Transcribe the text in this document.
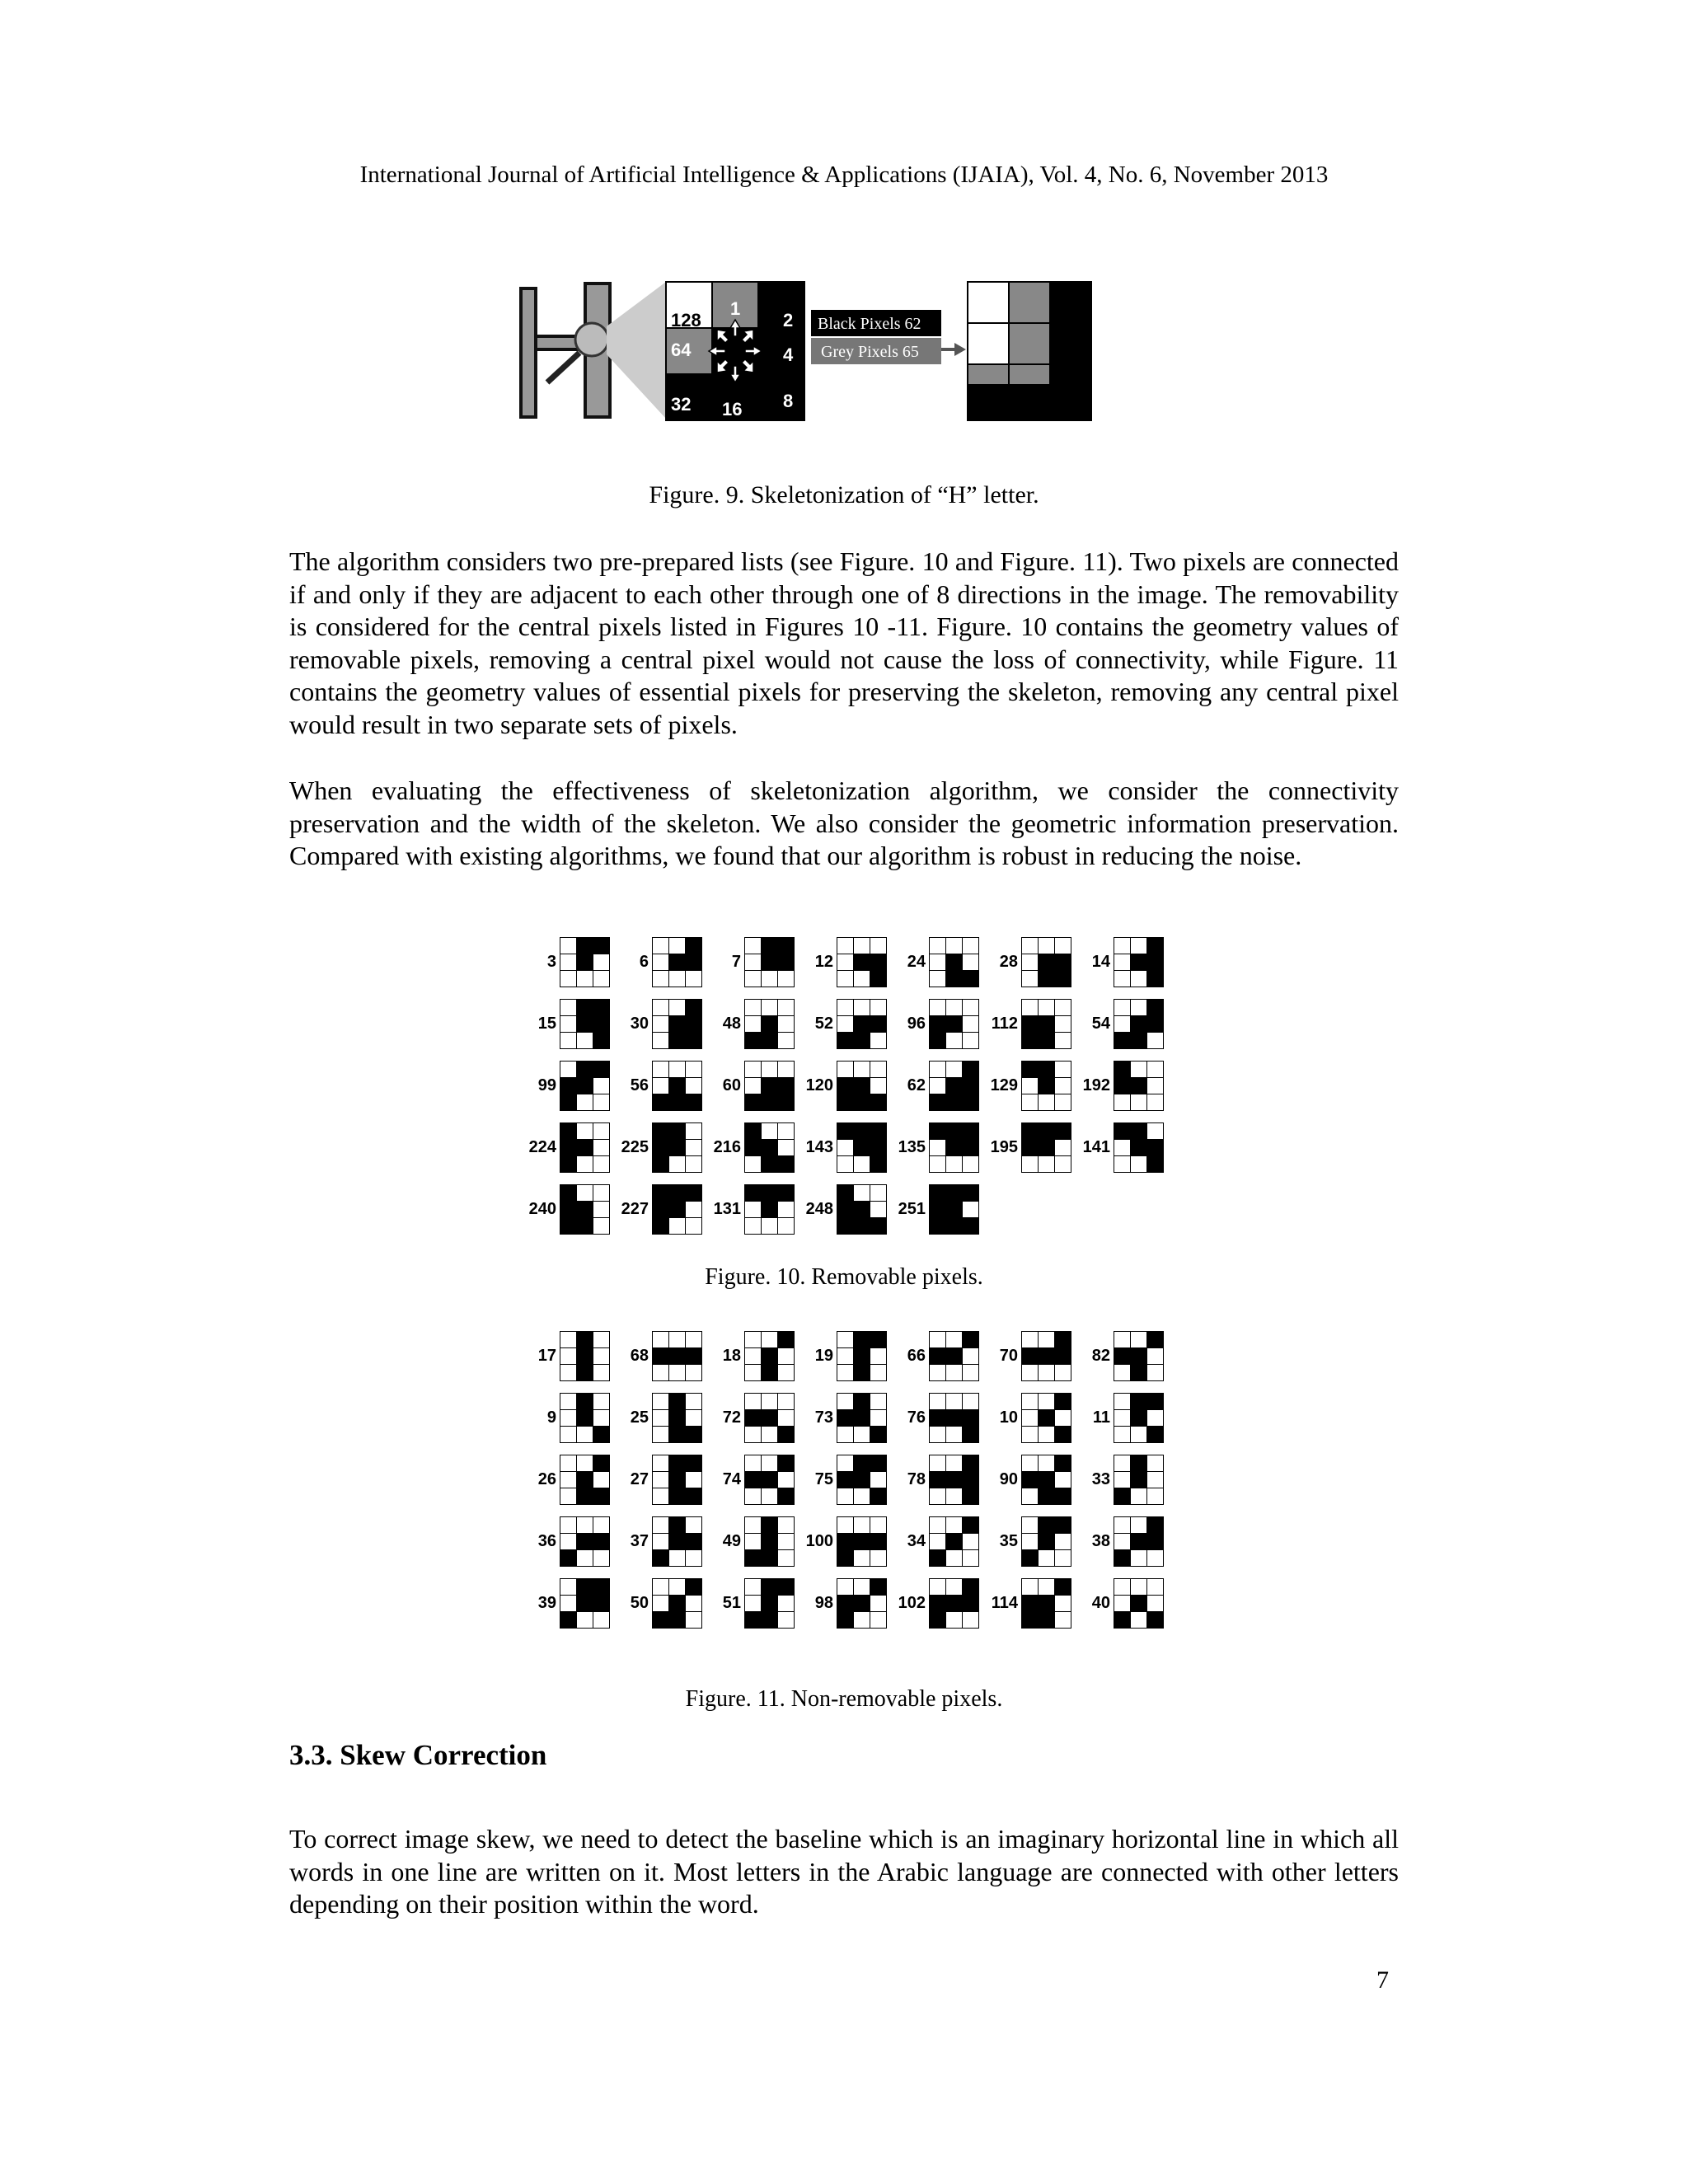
International Journal of Artificial Intelligence & Applications (IJAIA), Vol. 4, No. 6, November 2013
128
1
2
64	4
32 16 8
Black Pixels 62
Grey Pixels 65
Figure. 9. Skeletonization of “H” letter.

The algorithm considers two pre-prepared lists (see Figure. 10 and Figure. 11). Two pixels are connected if and only if they are adjacent to each other through one of 8 directions in the image. The removability is considered for the central pixels listed in Figures 10 -11. Figure. 10 contains the geometry values of removable pixels, removing a central pixel would not cause the loss of connectivity, while Figure. 11 contains the geometry values of essential pixels for preserving the skeleton, removing any central pixel would result in two separate sets of pixels.

When evaluating the effectiveness of skeletonization algorithm, we consider the connectivity preservation and the width of the skeleton. We also consider the geometric information preservation. Compared with existing algorithms, we found that our algorithm is robust in reducing the noise.

3	6	7	12	24	28	14
15	30	48	52	96	112	54
99	56	60	120	62	129	192
224	225	216	143	135	195	141
240	227	131	248	251
Figure. 10. Removable pixels.
17	68	18	19	66	70	82
9	25	72	73	76	10	11
26	27	74	75	78	90	33
36	37	49	100	34	35	38
39	50	51	98	102	114	40
Figure. 11. Non-removable pixels.
3.3. Skew Correction

To correct image skew, we need to detect the baseline which is an imaginary horizontal line in which all words in one line are written on it. Most letters in the Arabic language are connected with other letters depending on their position within the word.

7
